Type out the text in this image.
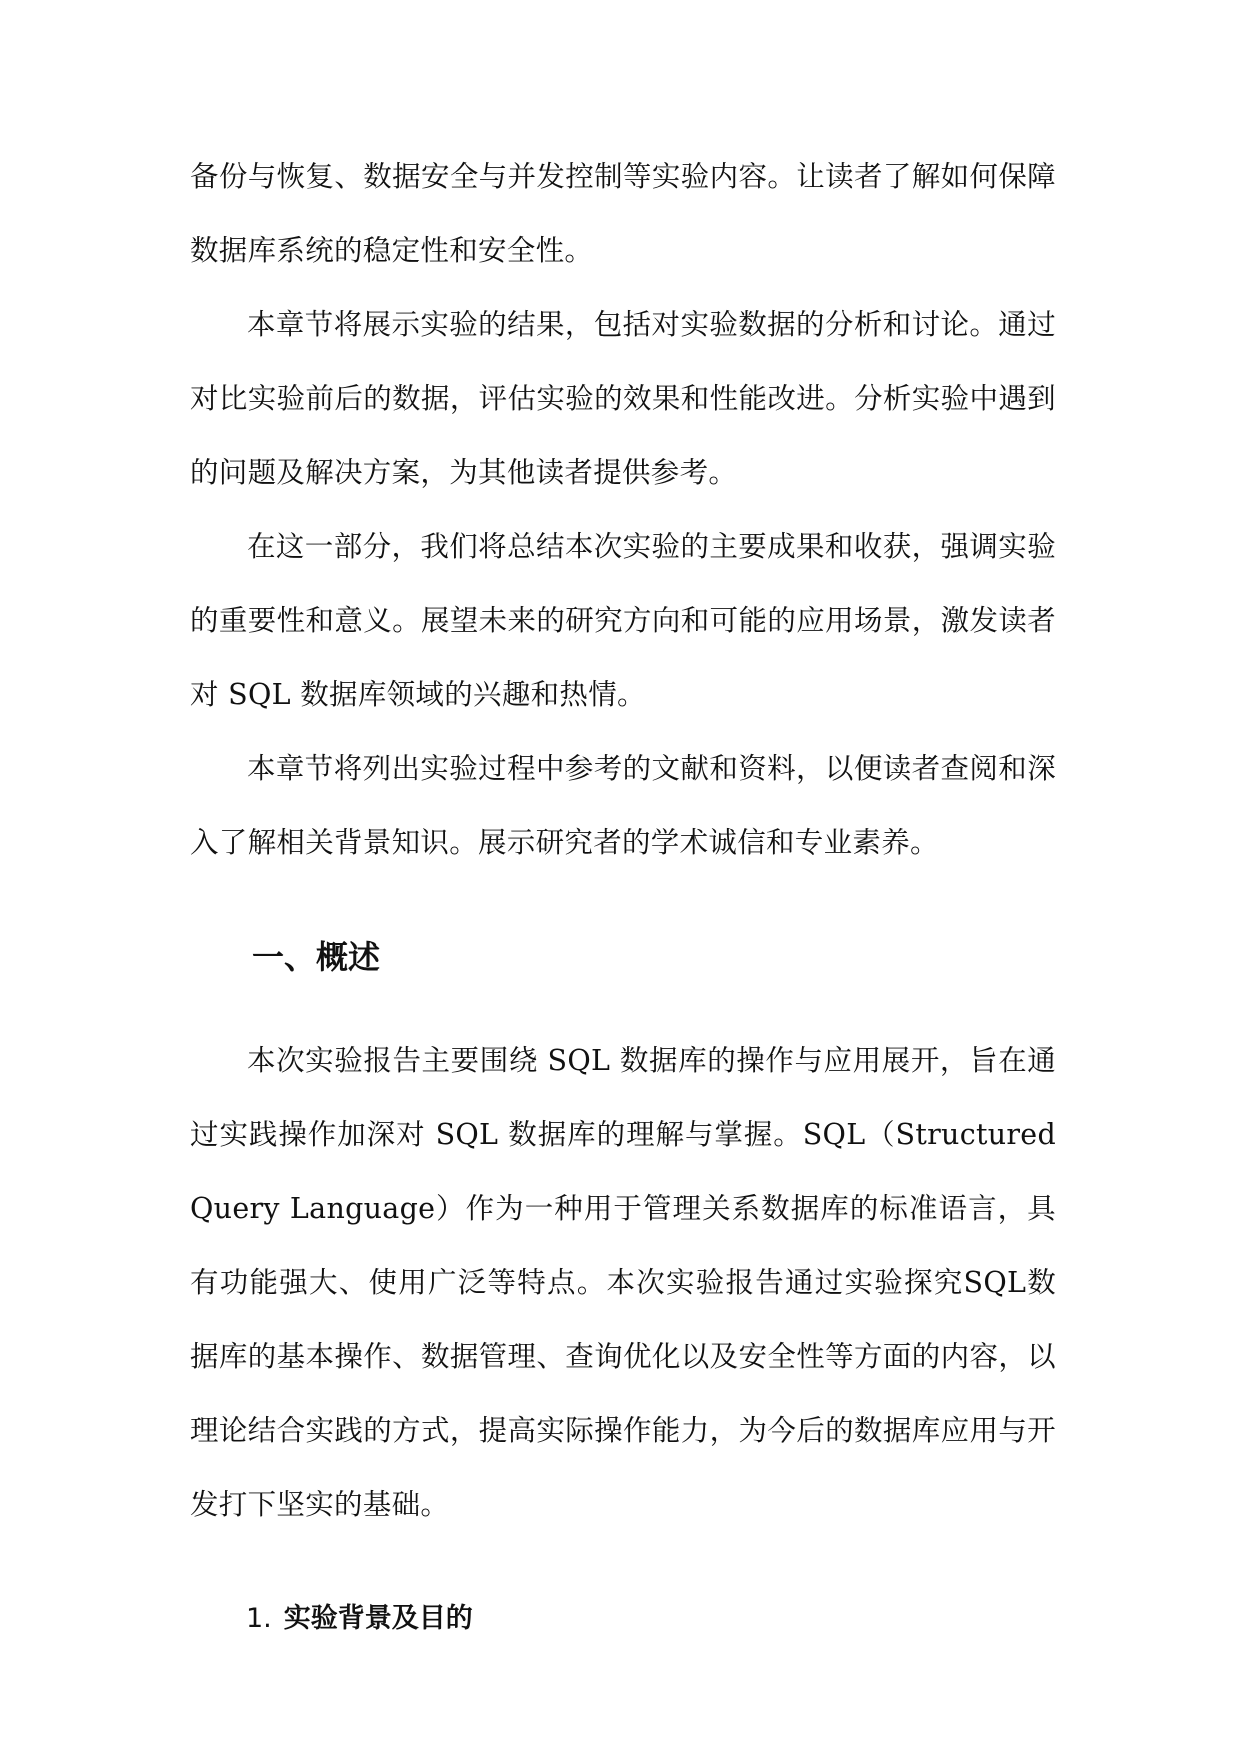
备份与恢复、数据安全与并发控制等实验内容。让读者了解如何保障数据库系统的稳定性和安全性。

本章节将展示实验的结果，包括对实验数据的分析和讨论。通过对比实验前后的数据，评估实验的效果和性能改进。分析实验中遇到的问题及解决方案，为其他读者提供参考。

在这一部分，我们将总结本次实验的主要成果和收获，强调实验的重要性和意义。展望未来的研究方向和可能的应用场景，激发读者对 SQL 数据库领域的兴趣和热情。

本章节将列出实验过程中参考的文献和资料，以便读者查阅和深入了解相关背景知识。展示研究者的学术诚信和专业素养。

一、概述

本次实验报告主要围绕 SQL 数据库的操作与应用展开，旨在通过实践操作加深对 SQL 数据库的理解与掌握。SQL（Structured Query Language）作为一种用于管理关系数据库的标准语言，具有功能强大、使用广泛等特点。本次实验报告通过实验探究SQL数据库的基本操作、数据管理、查询优化以及安全性等方面的内容，以理论结合实践的方式，提高实际操作能力，为今后的数据库应用与开发打下坚实的基础。

1. 实验背景及目的
